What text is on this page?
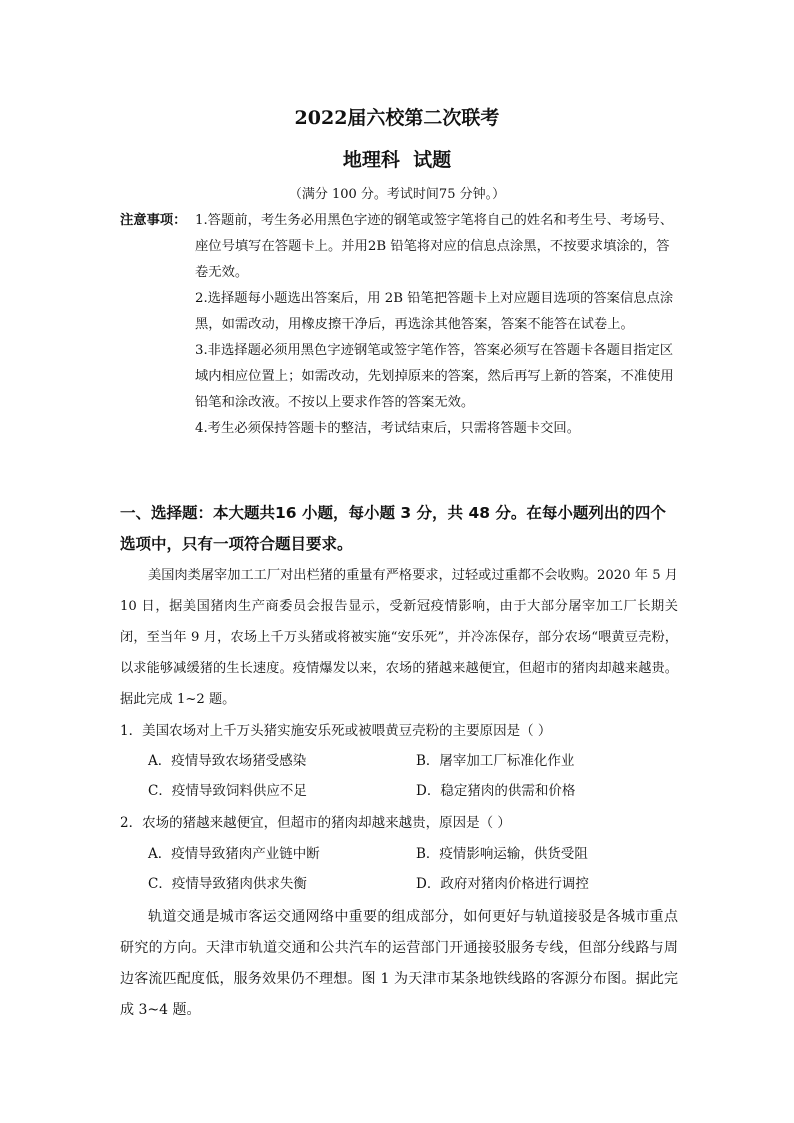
2022届六校第二次联考
地理科  试题
（满分 100 分。考试时间75 分钟。）
注意事项： 1.答题前，考生务必用黑色字迹的钢笔或签字笔将自己的姓名和考生号、考场号、座位号填写在答题卡上。并用2B 铅笔将对应的信息点涂黑，不按要求填涂的，答卷无效。

2.选择题每小题选出答案后，用 2B 铅笔把答题卡上对应题目选项的答案信息点涂黑，如需改动，用橡皮擦干净后，再选涂其他答案，答案不能答在试卷上。

3.非选择题必须用黑色字迹钢笔或签字笔作答，答案必须写在答题卡各题目指定区域内相应位置上；如需改动，先划掉原来的答案，然后再写上新的答案，不准使用铅笔和涂改液。不按以上要求作答的答案无效。

4.考生必须保持答题卡的整洁，考试结束后，只需将答题卡交回。

一、选择题：本大题共16 小题，每小题 3 分，共 48 分。在每小题列出的四个选项中，只有一项符合题目要求。
美国肉类屠宰加工工厂对出栏猪的重量有严格要求，过轻或过重都不会收购。2020 年 5 月 10 日，据美国猪肉生产商委员会报告显示，受新冠疫情影响，由于大部分屠宰加工厂长期关闭，至当年 9 月，农场上千万头猪或将被实施“安乐死”，并冷冻保存，部分农场“喂黄豆壳粉，以求能够减缓猪的生长速度。疫情爆发以来，农场的猪越来越便宜，但超市的猪肉却越来越贵。据此完成 1~2 题。
1．美国农场对上千万头猪实施安乐死或被喂黄豆壳粉的主要原因是（ ）
A．疫情导致农场猪受感染	B．屠宰加工厂标准化作业
C．疫情导致饲料供应不足	D．稳定猪肉的供需和价格
2．农场的猪越来越便宜，但超市的猪肉却越来越贵，原因是（ ）
A．疫情导致猪肉产业链中断	B．疫情影响运输，供货受阻
C．疫情导致猪肉供求失衡	D．政府对猪肉价格进行调控
轨道交通是城市客运交通网络中重要的组成部分，如何更好与轨道接驳是各城市重点研究的方向。天津市轨道交通和公共汽车的运营部门开通接驳服务专线，但部分线路与周边客流匹配度低，服务效果仍不理想。图 1 为天津市某条地铁线路的客源分布图。据此完成 3~4 题。
